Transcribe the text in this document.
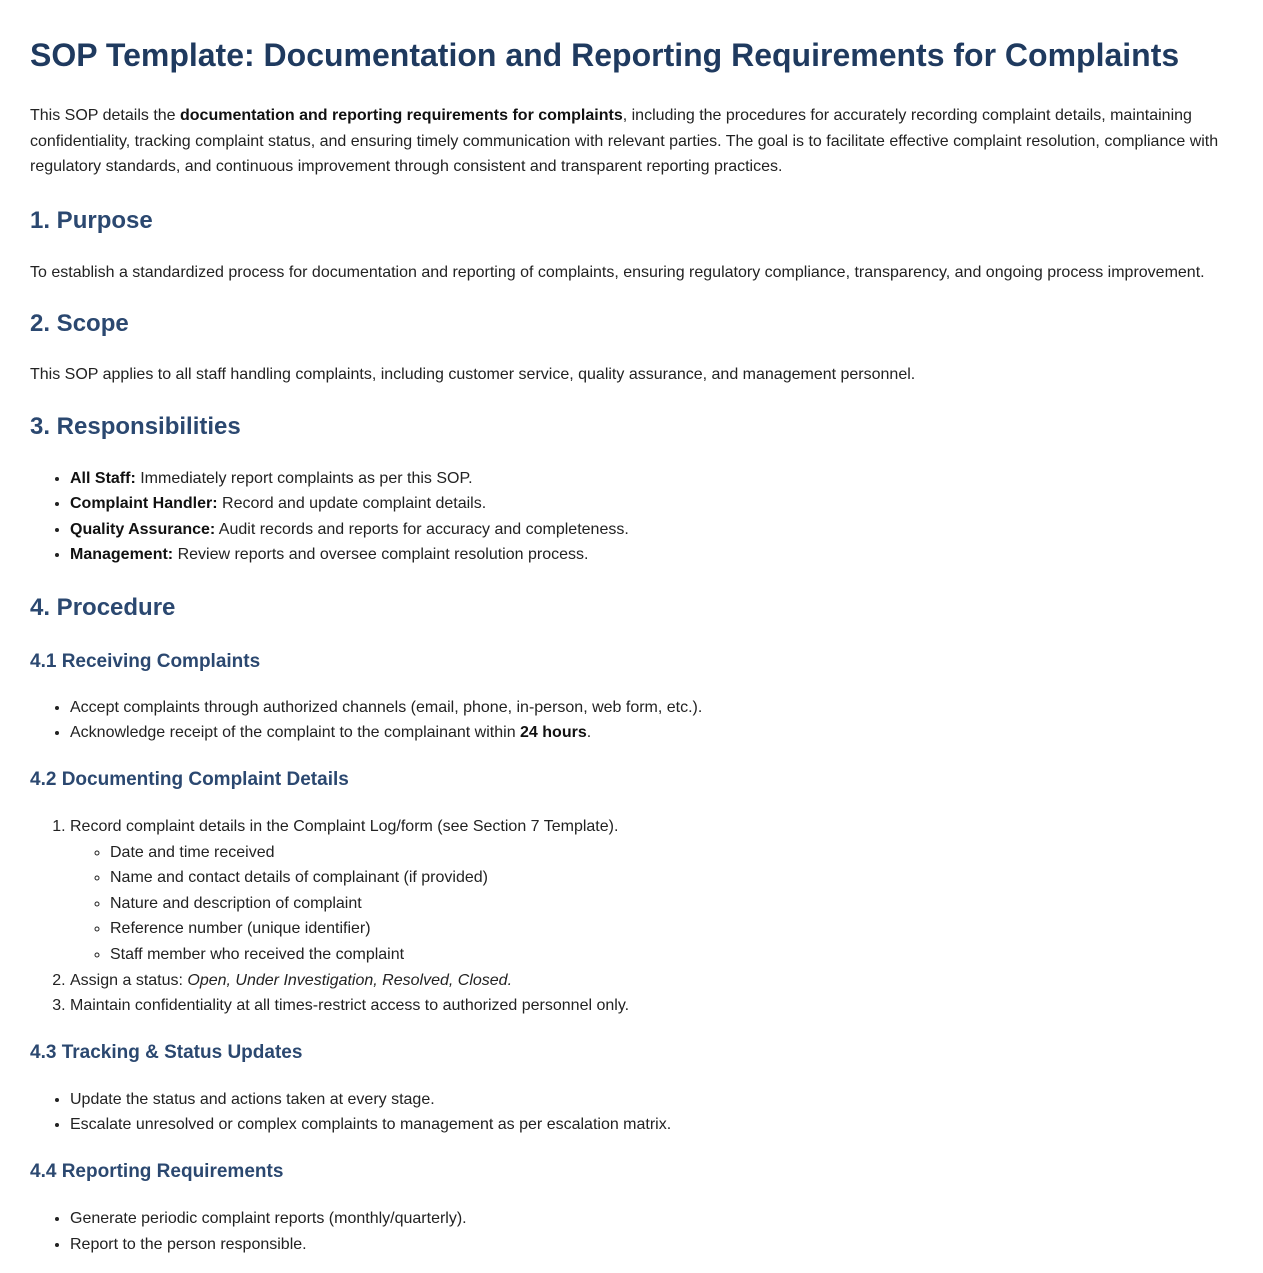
SOP Template: Documentation and Reporting Requirements for Complaints

This SOP details the documentation and reporting requirements for complaints, including the procedures for accurately recording complaint details, maintaining confidentiality, tracking complaint status, and ensuring timely communication with relevant parties. The goal is to facilitate effective complaint resolution, compliance with regulatory standards, and continuous improvement through consistent and transparent reporting practices.

1. Purpose

To establish a standardized process for documentation and reporting of complaints, ensuring regulatory compliance, transparency, and ongoing process improvement.

2. Scope

This SOP applies to all staff handling complaints, including customer service, quality assurance, and management personnel.

3. Responsibilities
• All Staff: Immediately report complaints as per this SOP.
• Complaint Handler: Record and update complaint details.
• Quality Assurance: Audit records and reports for accuracy and completeness.
• Management: Review reports and oversee complaint resolution process.
4. Procedure
4.1 Receiving Complaints
• Accept complaints through authorized channels (email, phone, in-person, web form, etc.).
• Acknowledge receipt of the complaint to the complainant within 24 hours.
4.2 Documenting Complaint Details
1. Record complaint details in the Complaint Log/form (see Section 7 Template).
◦ Date and time received
◦ Name and contact details of complainant (if provided)
◦ Nature and description of complaint
◦ Reference number (unique identifier)
◦ Staff member who received the complaint
2. Assign a status: Open, Under Investigation, Resolved, Closed.
3. Maintain confidentiality at all times-restrict access to authorized personnel only.
4.3 Tracking & Status Updates
• Update the status and actions taken at every stage.
• Escalate unresolved or complex complaints to management as per escalation matrix.
4.4 Reporting Requirements
• Generate periodic complaint reports (monthly/quarterly).
• Report to the person responsible.
